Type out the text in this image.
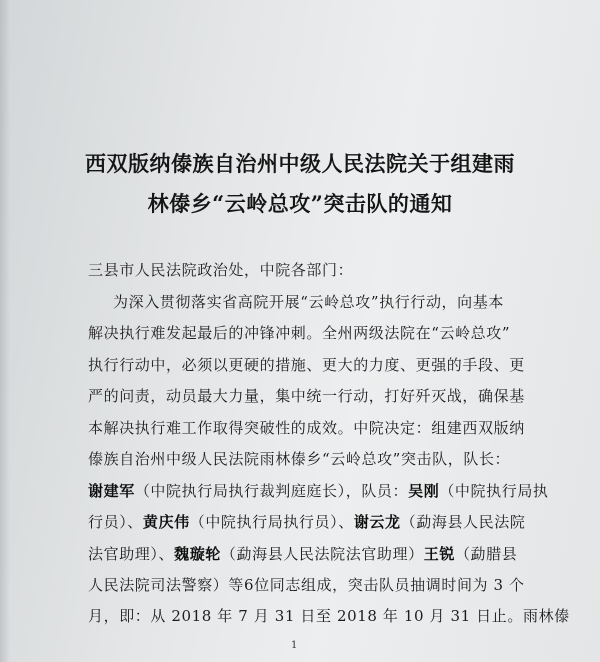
西双版纳傣族自治州中级人民法院关于组建雨
林傣乡“云岭总攻”突击队的通知
三县市人民法院政治处，中院各部门：
为深入贯彻落实省高院开展“云岭总攻”执行行动，向基本
解决执行难发起最后的冲锋冲刺。全州两级法院在“云岭总攻”
执行行动中，必须以更硬的措施、更大的力度、更强的手段、更
严的问责，动员最大力量，集中统一行动，打好歼灭战，确保基
本解决执行难工作取得突破性的成效。中院决定：组建西双版纳
傣族自治州中级人民法院雨林傣乡“云岭总攻”突击队，队长：
谢建军（中院执行局执行裁判庭庭长），队员：吴刚（中院执行局执
行员）、黄庆伟（中院执行局执行员）、谢云龙（勐海县人民法院
法官助理）、魏璇轮（勐海县人民法院法官助理）王锐（勐腊县
人民法院司法警察）等6位同志组成，突击队员抽调时间为 3 个
月，即：从 2018 年 7 月 31 日至 2018 年 10 月 31 日止。雨林傣
1
